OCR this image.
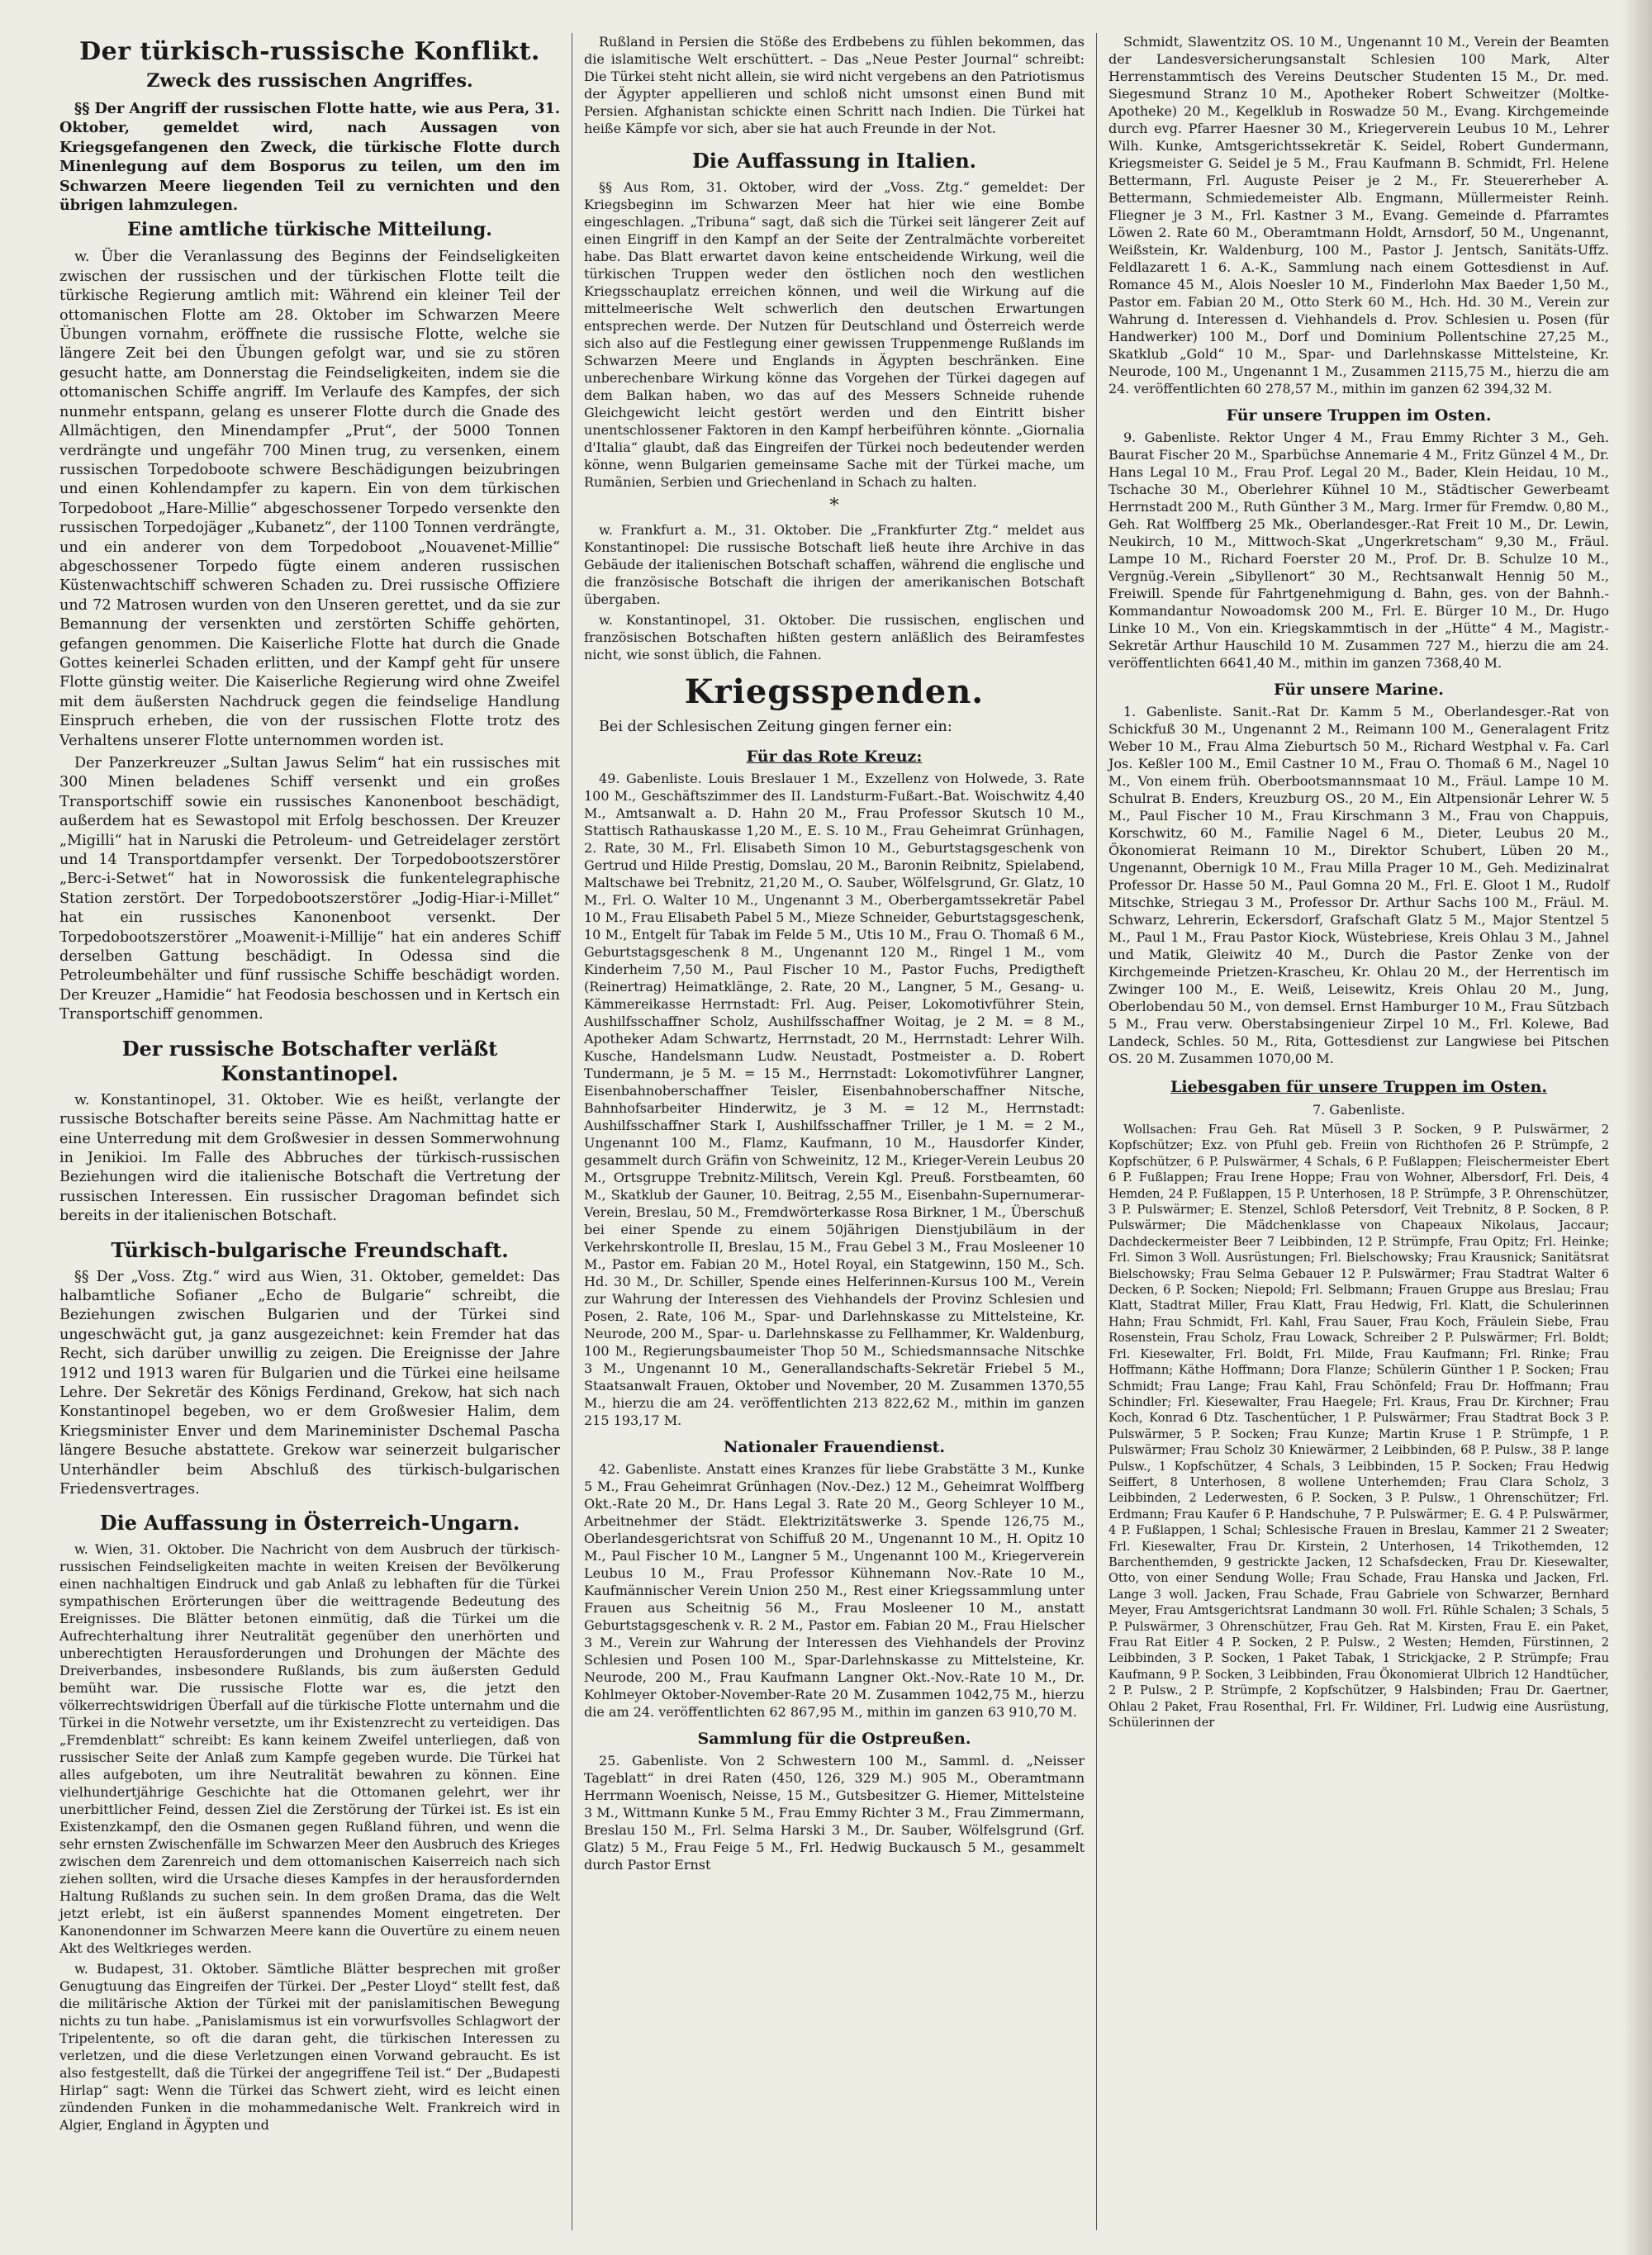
Der türkisch-russische Konflikt.
Zweck des russischen Angriffes.

§§ Der Angriff der russischen Flotte hatte, wie aus Pera, 31. Oktober, gemeldet wird, nach Aussagen von Kriegsgefangenen den Zweck, die türkische Flotte durch Minenlegung auf dem Bosporus zu teilen, um den im Schwarzen Meere liegenden Teil zu vernichten und den übrigen lahmzulegen.

Eine amtliche türkische Mitteilung.

w. Über die Veranlassung des Beginns der Feindseligkeiten zwischen der russischen und der türkischen Flotte teilt die türkische Regierung amtlich mit: Während ein kleiner Teil der ottomanischen Flotte am 28. Oktober im Schwarzen Meere Übungen vornahm, eröffnete die russische Flotte, welche sie längere Zeit bei den Übungen gefolgt war, und sie zu stören gesucht hatte, am Donnerstag die Feindseligkeiten, indem sie die ottomanischen Schiffe angriff. Im Verlaufe des Kampfes, der sich nunmehr entspann, gelang es unserer Flotte durch die Gnade des Allmächtigen, den Minendampfer „Prut“, der 5000 Tonnen verdrängte und ungefähr 700 Minen trug, zu versenken, einem russischen Torpedoboote schwere Beschädigungen beizubringen und einen Kohlendampfer zu kapern. Ein von dem türkischen Torpedoboot „Hare-Millie“ abgeschossener Torpedo versenkte den russischen Torpedojäger „Kubanetz“, der 1100 Tonnen verdrängte, und ein anderer von dem Torpedoboot „Nouavenet-Millie“ abgeschossener Torpedo fügte einem anderen russischen Küstenwachtschiff schweren Schaden zu. Drei russische Offiziere und 72 Matrosen wurden von den Unseren gerettet, und da sie zur Bemannung der versenkten und zerstörten Schiffe gehörten, gefangen genommen. Die Kaiserliche Flotte hat durch die Gnade Gottes keinerlei Schaden erlitten, und der Kampf geht für unsere Flotte günstig weiter. Die Kaiserliche Regierung wird ohne Zweifel mit dem äußersten Nachdruck gegen die feindselige Handlung Einspruch erheben, die von der russischen Flotte trotz des Verhaltens unserer Flotte unternommen worden ist.

Der Panzerkreuzer „Sultan Jawus Selim“ hat ein russisches mit 300 Minen beladenes Schiff versenkt und ein großes Transportschiff sowie ein russisches Kanonenboot beschädigt, außerdem hat es Sewastopol mit Erfolg beschossen. Der Kreuzer „Migilli“ hat in Naruski die Petroleum- und Getreidelager zerstört und 14 Transportdampfer versenkt. Der Torpedobootszerstörer „Berc-i-Setwet“ hat in Noworossisk die funkentelegraphische Station zerstört. Der Torpedobootszerstörer „Jodig-Hiar-i-Millet“ hat ein russisches Kanonenboot versenkt. Der Torpedobootszerstörer „Moawenit-i-Millije“ hat ein anderes Schiff derselben Gattung beschädigt. In Odessa sind die Petroleumbehälter und fünf russische Schiffe beschädigt worden. Der Kreuzer „Hamidie“ hat Feodosia beschossen und in Kertsch ein Transportschiff genommen.

Der russische Botschafter verläßt Konstantinopel.

w. Konstantinopel, 31. Oktober. Wie es heißt, verlangte der russische Botschafter bereits seine Pässe. Am Nachmittag hatte er eine Unterredung mit dem Großwesier in dessen Sommerwohnung in Jenikioi. Im Falle des Abbruches der türkisch-russischen Beziehungen wird die italienische Botschaft die Vertretung der russischen Interessen. Ein russischer Dragoman befindet sich bereits in der italienischen Botschaft.

Türkisch-bulgarische Freundschaft.

§§ Der „Voss. Ztg.“ wird aus Wien, 31. Oktober, gemeldet: Das halbamtliche Sofianer „Echo de Bulgarie“ schreibt, die Beziehungen zwischen Bulgarien und der Türkei sind ungeschwächt gut, ja ganz ausgezeichnet: kein Fremder hat das Recht, sich darüber unwillig zu zeigen. Die Ereignisse der Jahre 1912 und 1913 waren für Bulgarien und die Türkei eine heilsame Lehre. Der Sekretär des Königs Ferdinand, Grekow, hat sich nach Konstantinopel begeben, wo er dem Großwesier Halim, dem Kriegsminister Enver und dem Marineminister Dschemal Pascha längere Besuche abstattete. Grekow war seinerzeit bulgarischer Unterhändler beim Abschluß des türkisch-bulgarischen Friedensvertrages.

Die Auffassung in Österreich-Ungarn.

w. Wien, 31. Oktober. Die Nachricht von dem Ausbruch der türkisch-russischen Feindseligkeiten machte in weiten Kreisen der Bevölkerung einen nachhaltigen Eindruck und gab Anlaß zu lebhaften für die Türkei sympathischen Erörterungen über die weittragende Bedeutung des Ereignisses. Die Blätter betonen einmütig, daß die Türkei um die Aufrechterhaltung ihrer Neutralität gegenüber den unerhörten und unberechtigten Herausforderungen und Drohungen der Mächte des Dreiverbandes, insbesondere Rußlands, bis zum äußersten Geduld bemüht war. Die russische Flotte war es, die jetzt den völkerrechtswidrigen Überfall auf die türkische Flotte unternahm und die Türkei in die Notwehr versetzte, um ihr Existenzrecht zu verteidigen. Das „Fremdenblatt“ schreibt: Es kann keinem Zweifel unterliegen, daß von russischer Seite der Anlaß zum Kampfe gegeben wurde. Die Türkei hat alles aufgeboten, um ihre Neutralität bewahren zu können. Eine vielhundertjährige Geschichte hat die Ottomanen gelehrt, wer ihr unerbittlicher Feind, dessen Ziel die Zerstörung der Türkei ist. Es ist ein Existenzkampf, den die Osmanen gegen Rußland führen, und wenn die sehr ernsten Zwischenfälle im Schwarzen Meer den Ausbruch des Krieges zwischen dem Zarenreich und dem ottomanischen Kaiserreich nach sich ziehen sollten, wird die Ursache dieses Kampfes in der herausfordernden Haltung Rußlands zu suchen sein. In dem großen Drama, das die Welt jetzt erlebt, ist ein äußerst spannendes Moment eingetreten. Der Kanonendonner im Schwarzen Meere kann die Ouvertüre zu einem neuen Akt des Weltkrieges werden.

w. Budapest, 31. Oktober. Sämtliche Blätter besprechen mit großer Genugtuung das Eingreifen der Türkei. Der „Pester Lloyd“ stellt fest, daß die militärische Aktion der Türkei mit der panislamitischen Bewegung nichts zu tun habe. „Panislamismus ist ein vorwurfsvolles Schlagwort der Tripelentente, so oft die daran geht, die türkischen Interessen zu verletzen, und die diese Verletzungen einen Vorwand gebraucht. Es ist also festgestellt, daß die Türkei der angegriffene Teil ist.“ Der „Budapesti Hirlap“ sagt: Wenn die Türkei das Schwert zieht, wird es leicht einen zündenden Funken in die mohammedanische Welt. Frankreich wird in Algier, England in Ägypten und

Rußland in Persien die Stöße des Erdbebens zu fühlen bekommen, das die islamitische Welt erschüttert. – Das „Neue Pester Journal“ schreibt: Die Türkei steht nicht allein, sie wird nicht vergebens an den Patriotismus der Ägypter appellieren und schloß nicht umsonst einen Bund mit Persien. Afghanistan schickte einen Schritt nach Indien. Die Türkei hat heiße Kämpfe vor sich, aber sie hat auch Freunde in der Not.

Die Auffassung in Italien.

§§ Aus Rom, 31. Oktober, wird der „Voss. Ztg.“ gemeldet: Der Kriegsbeginn im Schwarzen Meer hat hier wie eine Bombe eingeschlagen. „Tribuna“ sagt, daß sich die Türkei seit längerer Zeit auf einen Eingriff in den Kampf an der Seite der Zentralmächte vorbereitet habe. Das Blatt erwartet davon keine entscheidende Wirkung, weil die türkischen Truppen weder den östlichen noch den westlichen Kriegsschauplatz erreichen können, und weil die Wirkung auf die mittelmeerische Welt schwerlich den deutschen Erwartungen entsprechen werde. Der Nutzen für Deutschland und Österreich werde sich also auf die Festlegung einer gewissen Truppenmenge Rußlands im Schwarzen Meere und Englands in Ägypten beschränken. Eine unberechenbare Wirkung könne das Vorgehen der Türkei dagegen auf dem Balkan haben, wo das auf des Messers Schneide ruhende Gleichgewicht leicht gestört werden und den Eintritt bisher unentschlossener Faktoren in den Kampf herbeiführen könnte. „Giornalia d'Italia“ glaubt, daß das Eingreifen der Türkei noch bedeutender werden könne, wenn Bulgarien gemeinsame Sache mit der Türkei mache, um Rumänien, Serbien und Griechenland in Schach zu halten.

*

w. Frankfurt a. M., 31. Oktober. Die „Frankfurter Ztg.“ meldet aus Konstantinopel: Die russische Botschaft ließ heute ihre Archive in das Gebäude der italienischen Botschaft schaffen, während die englische und die französische Botschaft die ihrigen der amerikanischen Botschaft übergaben.

w. Konstantinopel, 31. Oktober. Die russischen, englischen und französischen Botschaften hißten gestern anläßlich des Beiramfestes nicht, wie sonst üblich, die Fahnen.

Kriegsspenden.

Bei der Schlesischen Zeitung gingen ferner ein:

Für das Rote Kreuz:

49. Gabenliste. Louis Breslauer 1 M., Exzellenz von Holwede, 3. Rate 100 M., Geschäftszimmer des II. Landsturm-Fußart.-Bat. Woischwitz 4,40 M., Amtsanwalt a. D. Hahn 20 M., Frau Professor Skutsch 10 M., Stattisch Rathauskasse 1,20 M., E. S. 10 M., Frau Geheimrat Grünhagen, 2. Rate, 30 M., Frl. Elisabeth Simon 10 M., Geburtstagsgeschenk von Gertrud und Hilde Prestig, Domslau, 20 M., Baronin Reibnitz, Spielabend, Maltschawe bei Trebnitz, 21,20 M., O. Sauber, Wölfelsgrund, Gr. Glatz, 10 M., Frl. O. Walter 10 M., Ungenannt 3 M., Oberbergamtssekretär Pabel 10 M., Frau Elisabeth Pabel 5 M., Mieze Schneider, Geburtstagsgeschenk, 10 M., Entgelt für Tabak im Felde 5 M., Utis 10 M., Frau O. Thomaß 6 M., Geburtstagsgeschenk 8 M., Ungenannt 120 M., Ringel 1 M., vom Kinderheim 7,50 M., Paul Fischer 10 M., Pastor Fuchs, Predigtheft (Reinertrag) Heimatklänge, 2. Rate, 20 M., Langner, 5 M., Gesang- u. Kämmereikasse Herrnstadt: Frl. Aug. Peiser, Lokomotivführer Stein, Aushilfsschaffner Scholz, Aushilfsschaffner Woitag, je 2 M. = 8 M., Apotheker Adam Schwartz, Herrnstadt, 20 M., Herrnstadt: Lehrer Wilh. Kusche, Handelsmann Ludw. Neustadt, Postmeister a. D. Robert Tundermann, je 5 M. = 15 M., Herrnstadt: Lokomotivführer Langner, Eisenbahnoberschaffner Teisler, Eisenbahnoberschaffner Nitsche, Bahnhofsarbeiter Hinderwitz, je 3 M. = 12 M., Herrnstadt: Aushilfsschaffner Stark I, Aushilfsschaffner Triller, je 1 M. = 2 M., Ungenannt 100 M., Flamz, Kaufmann, 10 M., Hausdorfer Kinder, gesammelt durch Gräfin von Schweinitz, 12 M., Krieger-Verein Leubus 20 M., Ortsgruppe Trebnitz-Militsch, Verein Kgl. Preuß. Forstbeamten, 60 M., Skatklub der Gauner, 10. Beitrag, 2,55 M., Eisenbahn-Supernumerar-Verein, Breslau, 50 M., Fremdwörterkasse Rosa Birkner, 1 M., Überschuß bei einer Spende zu einem 50jährigen Dienstjubiläum in der Verkehrskontrolle II, Breslau, 15 M., Frau Gebel 3 M., Frau Mosleener 10 M., Pastor em. Fabian 20 M., Hotel Royal, ein Statgewinn, 150 M., Sch. Hd. 30 M., Dr. Schiller, Spende eines Helferinnen-Kursus 100 M., Verein zur Wahrung der Interessen des Viehhandels der Provinz Schlesien und Posen, 2. Rate, 106 M., Spar- und Darlehnskasse zu Mittelsteine, Kr. Neurode, 200 M., Spar- u. Darlehnskasse zu Fellhammer, Kr. Waldenburg, 100 M., Regierungsbaumeister Thop 50 M., Schiedsmannsache Nitschke 3 M., Ungenannt 10 M., Generallandschafts-Sekretär Friebel 5 M., Staatsanwalt Frauen, Oktober und November, 20 M. Zusammen 1370,55 M., hierzu die am 24. veröffentlichten 213 822,62 M., mithin im ganzen 215 193,17 M.

Nationaler Frauendienst.

42. Gabenliste. Anstatt eines Kranzes für liebe Grabstätte 3 M., Kunke 5 M., Frau Geheimrat Grünhagen (Nov.-Dez.) 12 M., Geheimrat Wolffberg Okt.-Rate 20 M., Dr. Hans Legal 3. Rate 20 M., Georg Schleyer 10 M., Arbeitnehmer der Städt. Elektrizitätswerke 3. Spende 126,75 M., Oberlandesgerichtsrat von Schiffuß 20 M., Ungenannt 10 M., H. Opitz 10 M., Paul Fischer 10 M., Langner 5 M., Ungenannt 100 M., Kriegerverein Leubus 10 M., Frau Professor Kühnemann Nov.-Rate 10 M., Kaufmännischer Verein Union 250 M., Rest einer Kriegssammlung unter Frauen aus Scheitnig 56 M., Frau Mosleener 10 M., anstatt Geburtstagsgeschenk v. R. 2 M., Pastor em. Fabian 20 M., Frau Hielscher 3 M., Verein zur Wahrung der Interessen des Viehhandels der Provinz Schlesien und Posen 100 M., Spar-Darlehnskasse zu Mittelsteine, Kr. Neurode, 200 M., Frau Kaufmann Langner Okt.-Nov.-Rate 10 M., Dr. Kohlmeyer Oktober-November-Rate 20 M. Zusammen 1042,75 M., hierzu die am 24. veröffentlichten 62 867,95 M., mithin im ganzen 63 910,70 M.

Sammlung für die Ostpreußen.

25. Gabenliste. Von 2 Schwestern 100 M., Samml. d. „Neisser Tageblatt“ in drei Raten (450, 126, 329 M.) 905 M., Oberamtmann Herrmann Woenisch, Neisse, 15 M., Gutsbesitzer G. Hiemer, Mittelsteine 3 M., Wittmann Kunke 5 M., Frau Emmy Richter 3 M., Frau Zimmermann, Breslau 150 M., Frl. Selma Harski 3 M., Dr. Sauber, Wölfelsgrund (Grf. Glatz) 5 M., Frau Feige 5 M., Frl. Hedwig Buckausch 5 M., gesammelt durch Pastor Ernst

Schmidt, Slawentzitz OS. 10 M., Ungenannt 10 M., Verein der Beamten der Landesversicherungsanstalt Schlesien 100 Mark, Alter Herrenstammtisch des Vereins Deutscher Studenten 15 M., Dr. med. Siegesmund Stranz 10 M., Apotheker Robert Schweitzer (Moltke-Apotheke) 20 M., Kegelklub in Roswadze 50 M., Evang. Kirchgemeinde durch evg. Pfarrer Haesner 30 M., Kriegerverein Leubus 10 M., Lehrer Wilh. Kunke, Amtsgerichtssekretär K. Seidel, Robert Gundermann, Kriegsmeister G. Seidel je 5 M., Frau Kaufmann B. Schmidt, Frl. Helene Bettermann, Frl. Auguste Peiser je 2 M., Fr. Steuererheber A. Bettermann, Schmiedemeister Alb. Engmann, Müllermeister Reinh. Fliegner je 3 M., Frl. Kastner 3 M., Evang. Gemeinde d. Pfarramtes Löwen 2. Rate 60 M., Oberamtmann Holdt, Arnsdorf, 50 M., Ungenannt, Weißstein, Kr. Waldenburg, 100 M., Pastor J. Jentsch, Sanitäts-Uffz. Feldlazarett 1 6. A.-K., Sammlung nach einem Gottesdienst in Auf. Romance 45 M., Alois Noesler 10 M., Finderlohn Max Baeder 1,50 M., Pastor em. Fabian 20 M., Otto Sterk 60 M., Hch. Hd. 30 M., Verein zur Wahrung d. Interessen d. Viehhandels d. Prov. Schlesien u. Posen (für Handwerker) 100 M., Dorf und Dominium Pollentschine 27,25 M., Skatklub „Gold“ 10 M., Spar- und Darlehnskasse Mittelsteine, Kr. Neurode, 100 M., Ungenannt 1 M., Zusammen 2115,75 M., hierzu die am 24. veröffentlichten 60 278,57 M., mithin im ganzen 62 394,32 M.

Für unsere Truppen im Osten.

9. Gabenliste. Rektor Unger 4 M., Frau Emmy Richter 3 M., Geh. Baurat Fischer 20 M., Sparbüchse Annemarie 4 M., Fritz Günzel 4 M., Dr. Hans Legal 10 M., Frau Prof. Legal 20 M., Bader, Klein Heidau, 10 M., Tschache 30 M., Oberlehrer Kühnel 10 M., Städtischer Gewerbeamt Herrnstadt 200 M., Ruth Günther 3 M., Marg. Irmer für Fremdw. 0,80 M., Geh. Rat Wolffberg 25 Mk., Oberlandesger.-Rat Freit 10 M., Dr. Lewin, Neukirch, 10 M., Mittwoch-Skat „Ungerkretscham“ 9,30 M., Fräul. Lampe 10 M., Richard Foerster 20 M., Prof. Dr. B. Schulze 10 M., Vergnüg.-Verein „Sibyllenort“ 30 M., Rechtsanwalt Hennig 50 M., Freiwill. Spende für Fahrtgenehmigung d. Bahn, ges. von der Bahnh.-Kommandantur Nowoadomsk 200 M., Frl. E. Bürger 10 M., Dr. Hugo Linke 10 M., Von ein. Kriegskammtisch in der „Hütte“ 4 M., Magistr.-Sekretär Arthur Hauschild 10 M. Zusammen 727 M., hierzu die am 24. veröffentlichten 6641,40 M., mithin im ganzen 7368,40 M.

Für unsere Marine.

1. Gabenliste. Sanit.-Rat Dr. Kamm 5 M., Oberlandesger.-Rat von Schickfuß 30 M., Ungenannt 2 M., Reimann 100 M., Generalagent Fritz Weber 10 M., Frau Alma Zieburtsch 50 M., Richard Westphal v. Fa. Carl Jos. Keßler 100 M., Emil Castner 10 M., Frau O. Thomaß 6 M., Nagel 10 M., Von einem früh. Oberbootsmannsmaat 10 M., Fräul. Lampe 10 M. Schulrat B. Enders, Kreuzburg OS., 20 M., Ein Altpensionär Lehrer W. 5 M., Paul Fischer 10 M., Frau Kirschmann 3 M., Frau von Chappuis, Korschwitz, 60 M., Familie Nagel 6 M., Dieter, Leubus 20 M., Ökonomierat Reimann 10 M., Direktor Schubert, Lüben 20 M., Ungenannt, Obernigk 10 M., Frau Milla Prager 10 M., Geh. Medizinalrat Professor Dr. Hasse 50 M., Paul Gomna 20 M., Frl. E. Gloot 1 M., Rudolf Mitschke, Striegau 3 M., Professor Dr. Arthur Sachs 100 M., Fräul. M. Schwarz, Lehrerin, Eckersdorf, Grafschaft Glatz 5 M., Major Stentzel 5 M., Paul 1 M., Frau Pastor Kiock, Wüstebriese, Kreis Ohlau 3 M., Jahnel und Matik, Gleiwitz 40 M., Durch die Pastor Zenke von der Kirchgemeinde Prietzen-Krascheu, Kr. Ohlau 20 M., der Herrentisch im Zwinger 100 M., E. Weiß, Leisewitz, Kreis Ohlau 20 M., Jung, Oberlobendau 50 M., von demsel. Ernst Hamburger 10 M., Frau Sützbach 5 M., Frau verw. Oberstabsingenieur Zirpel 10 M., Frl. Kolewe, Bad Landeck, Schles. 50 M., Rita, Gottesdienst zur Langwiese bei Pitschen OS. 20 M. Zusammen 1070,00 M.

Liebesgaben für unsere Truppen im Osten.
7. Gabenliste.

Wollsachen: Frau Geh. Rat Müsell 3 P. Socken, 9 P. Pulswärmer, 2 Kopfschützer; Exz. von Pfuhl geb. Freiin von Richthofen 26 P. Strümpfe, 2 Kopfschützer, 6 P. Pulswärmer, 4 Schals, 6 P. Fußlappen; Fleischermeister Ebert 6 P. Fußlappen; Frau Irene Hoppe; Frau von Wohner, Albersdorf, Frl. Deis, 4 Hemden, 24 P. Fußlappen, 15 P. Unterhosen, 18 P. Strümpfe, 3 P. Ohrenschützer, 3 P. Pulswärmer; E. Stenzel, Schloß Petersdorf, Veit Trebnitz, 8 P. Socken, 8 P. Pulswärmer; Die Mädchenklasse von Chapeaux Nikolaus, Jaccaur; Dachdeckermeister Beer 7 Leibbinden, 12 P. Strümpfe, Frau Opitz; Frl. Heinke; Frl. Simon 3 Woll. Ausrüstungen; Frl. Bielschowsky; Frau Krausnick; Sanitätsrat Bielschowsky; Frau Selma Gebauer 12 P. Pulswärmer; Frau Stadtrat Walter 6 Decken, 6 P. Socken; Niepold; Frl. Selbmann; Frauen Gruppe aus Breslau; Frau Klatt, Stadtrat Miller, Frau Klatt, Frau Hedwig, Frl. Klatt, die Schulerinnen Hahn; Frau Schmidt, Frl. Kahl, Frau Sauer, Frau Koch, Fräulein Siebe, Frau Rosenstein, Frau Scholz, Frau Lowack, Schreiber 2 P. Pulswärmer; Frl. Boldt; Frl. Kiesewalter, Frl. Boldt, Frl. Milde, Frau Kaufmann; Frl. Rinke; Frau Hoffmann; Käthe Hoffmann; Dora Flanze; Schülerin Günther 1 P. Socken; Frau Schmidt; Frau Lange; Frau Kahl, Frau Schönfeld; Frau Dr. Hoffmann; Frau Schindler; Frl. Kiesewalter, Frau Haegele; Frl. Kraus, Frau Dr. Kirchner; Frau Koch, Konrad 6 Dtz. Taschentücher, 1 P. Pulswärmer; Frau Stadtrat Bock 3 P. Pulswärmer, 5 P. Socken; Frau Kunze; Martin Kruse 1 P. Strümpfe, 1 P. Pulswärmer; Frau Scholz 30 Kniewärmer, 2 Leibbinden, 68 P. Pulsw., 38 P. lange Pulsw., 1 Kopfschützer, 4 Schals, 3 Leibbinden, 15 P. Socken; Frau Hedwig Seiffert, 8 Unterhosen, 8 wollene Unterhemden; Frau Clara Scholz, 3 Leibbinden, 2 Lederwesten, 6 P. Socken, 3 P. Pulsw., 1 Ohrenschützer; Frl. Erdmann; Frau Kaufer 6 P. Handschuhe, 7 P. Pulswärmer; E. G. 4 P. Pulswärmer, 4 P. Fußlappen, 1 Schal; Schlesische Frauen in Breslau, Kammer 21 2 Sweater; Frl. Kiesewalter, Frau Dr. Kirstein, 2 Unterhosen, 14 Trikothemden, 12 Barchenthemden, 9 gestrickte Jacken, 12 Schafsdecken, Frau Dr. Kiesewalter, Otto, von einer Sendung Wolle; Frau Schade, Frau Hanska und Jacken, Frl. Lange 3 woll. Jacken, Frau Schade, Frau Gabriele von Schwarzer, Bernhard Meyer, Frau Amtsgerichtsrat Landmann 30 woll. Frl. Rühle Schalen; 3 Schals, 5 P. Pulswärmer, 3 Ohrenschützer, Frau Geh. Rat M. Kirsten, Frau E. ein Paket, Frau Rat Eitler 4 P. Socken, 2 P. Pulsw., 2 Westen; Hemden, Fürstinnen, 2 Leibbinden, 3 P. Socken, 1 Paket Tabak, 1 Strickjacke, 2 P. Strümpfe; Frau Kaufmann, 9 P. Socken, 3 Leibbinden, Frau Ökonomierat Ulbrich 12 Handtücher, 2 P. Pulsw., 2 P. Strümpfe, 2 Kopfschützer, 9 Halsbinden; Frau Dr. Gaertner, Ohlau 2 Paket, Frau Rosenthal, Frl. Fr. Wildiner, Frl. Ludwig eine Ausrüstung, Schülerinnen der
